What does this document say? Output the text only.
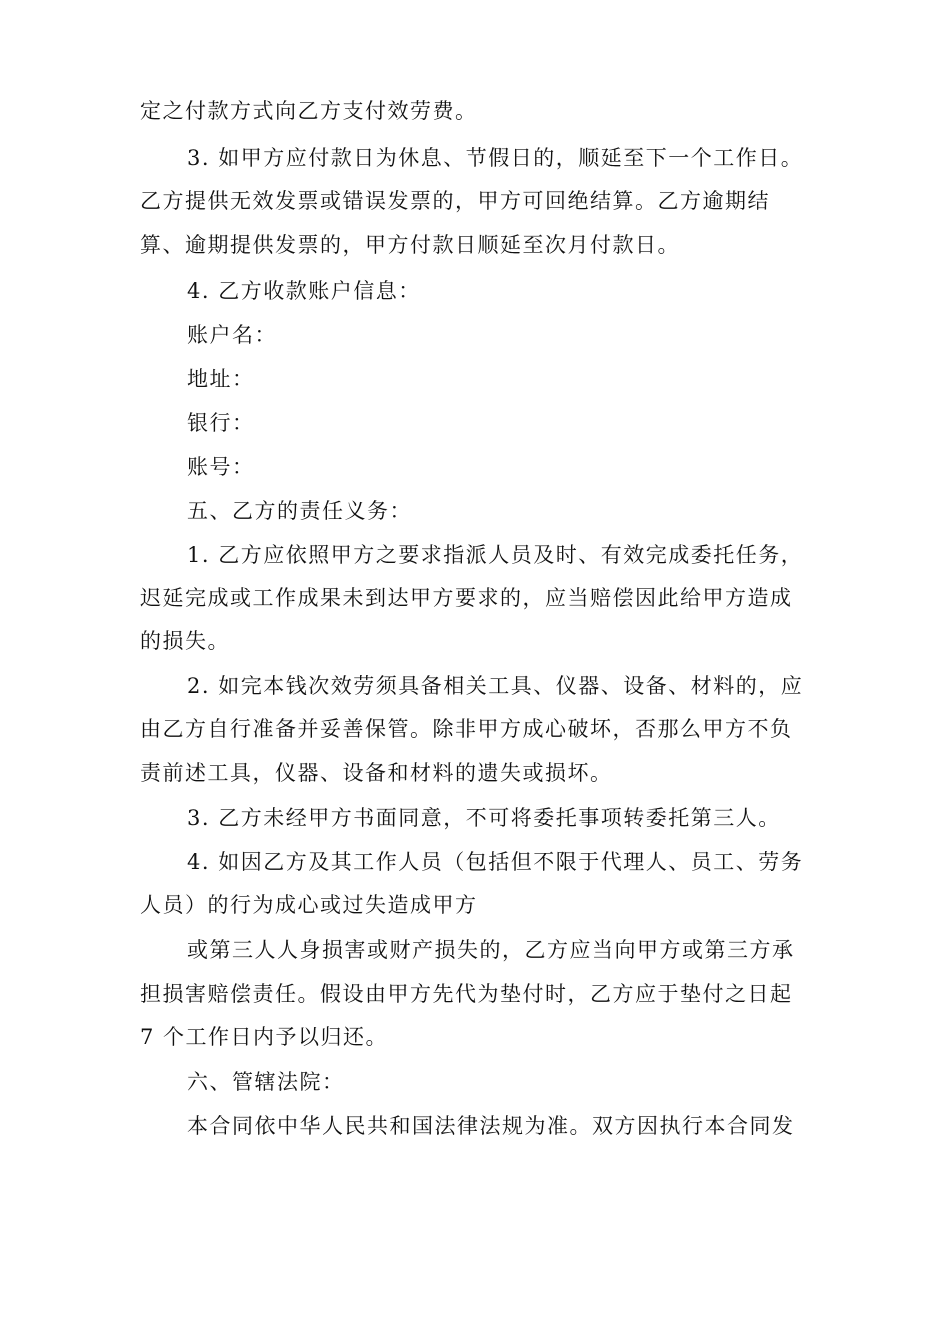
定之付款方式向乙方支付效劳费。
3. 如甲方应付款日为休息、节假日的，顺延至下一个工作日。
乙方提供无效发票或错误发票的，甲方可回绝结算。乙方逾期结
算、逾期提供发票的，甲方付款日顺延至次月付款日。
4. 乙方收款账户信息：
账户名：
地址：
银行：
账号：
五、乙方的责任义务：
1. 乙方应依照甲方之要求指派人员及时、有效完成委托任务，
迟延完成或工作成果未到达甲方要求的，应当赔偿因此给甲方造成
的损失。
2. 如完本钱次效劳须具备相关工具、仪器、设备、材料的，应
由乙方自行准备并妥善保管。除非甲方成心破坏，否那么甲方不负
责前述工具，仪器、设备和材料的遗失或损坏。
3. 乙方未经甲方书面同意，不可将委托事项转委托第三人。
4. 如因乙方及其工作人员（包括但不限于代理人、员工、劳务
人员）的行为成心或过失造成甲方
或第三人人身损害或财产损失的，乙方应当向甲方或第三方承
担损害赔偿责任。假设由甲方先代为垫付时，乙方应于垫付之日起
7 个工作日内予以归还。
六、管辖法院：
本合同依中华人民共和国法律法规为准。双方因执行本合同发
